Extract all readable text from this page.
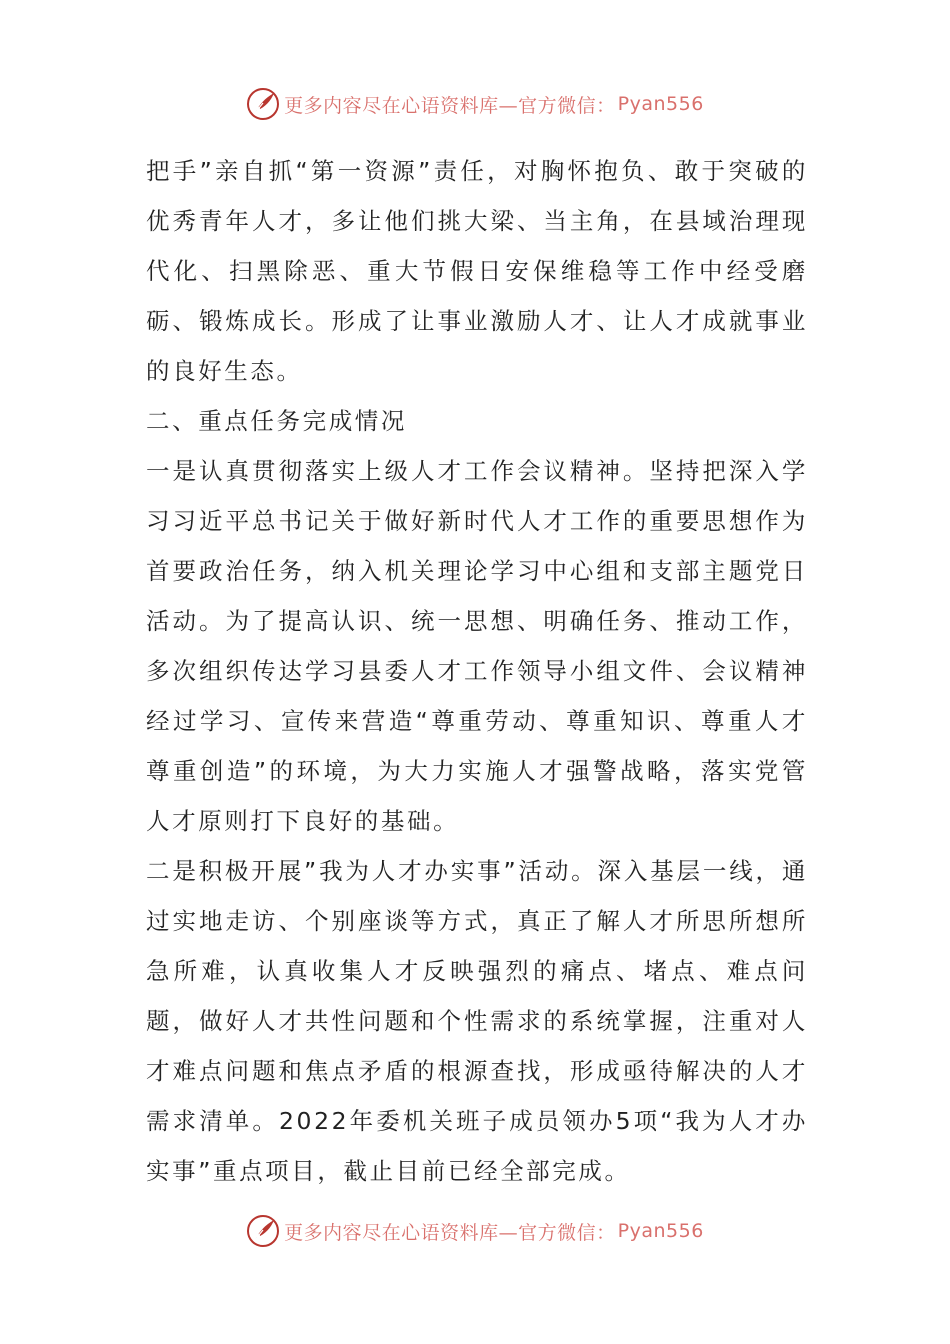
更多内容尽在心语资料库—官方微信： Pyan556

把手”亲自抓“第一资源”责任，对胸怀抱负、敢于突破的优秀青年人才，多让他们挑大梁、当主角，在县域治理现代化、扫黑除恶、重大节假日安保维稳等工作中经受磨砺、锻炼成长。形成了让事业激励人才、让人才成就事业的良好生态。

二、重点任务完成情况

一是认真贯彻落实上级人才工作会议精神。坚持把深入学习习近平总书记关于做好新时代人才工作的重要思想作为首要政治任务，纳入机关理论学习中心组和支部主题党日活动。为了提高认识、统一思想、明确任务、推动工作，多次组织传达学习县委人才工作领导小组文件、会议精神经过学习、宣传来营造“尊重劳动、尊重知识、尊重人才尊重创造”的环境，为大力实施人才强警战略，落实党管人才原则打下良好的基础。

二是积极开展”我为人才办实事”活动。深入基层一线，通过实地走访、个别座谈等方式，真正了解人才所思所想所急所难，认真收集人才反映强烈的痛点、堵点、难点问题，做好人才共性问题和个性需求的系统掌握，注重对人才难点问题和焦点矛盾的根源查找，形成亟待解决的人才需求清单。2022年委机关班子成员领办5项“我为人才办实事”重点项目，截止目前已经全部完成。

更多内容尽在心语资料库—官方微信： Pyan556
